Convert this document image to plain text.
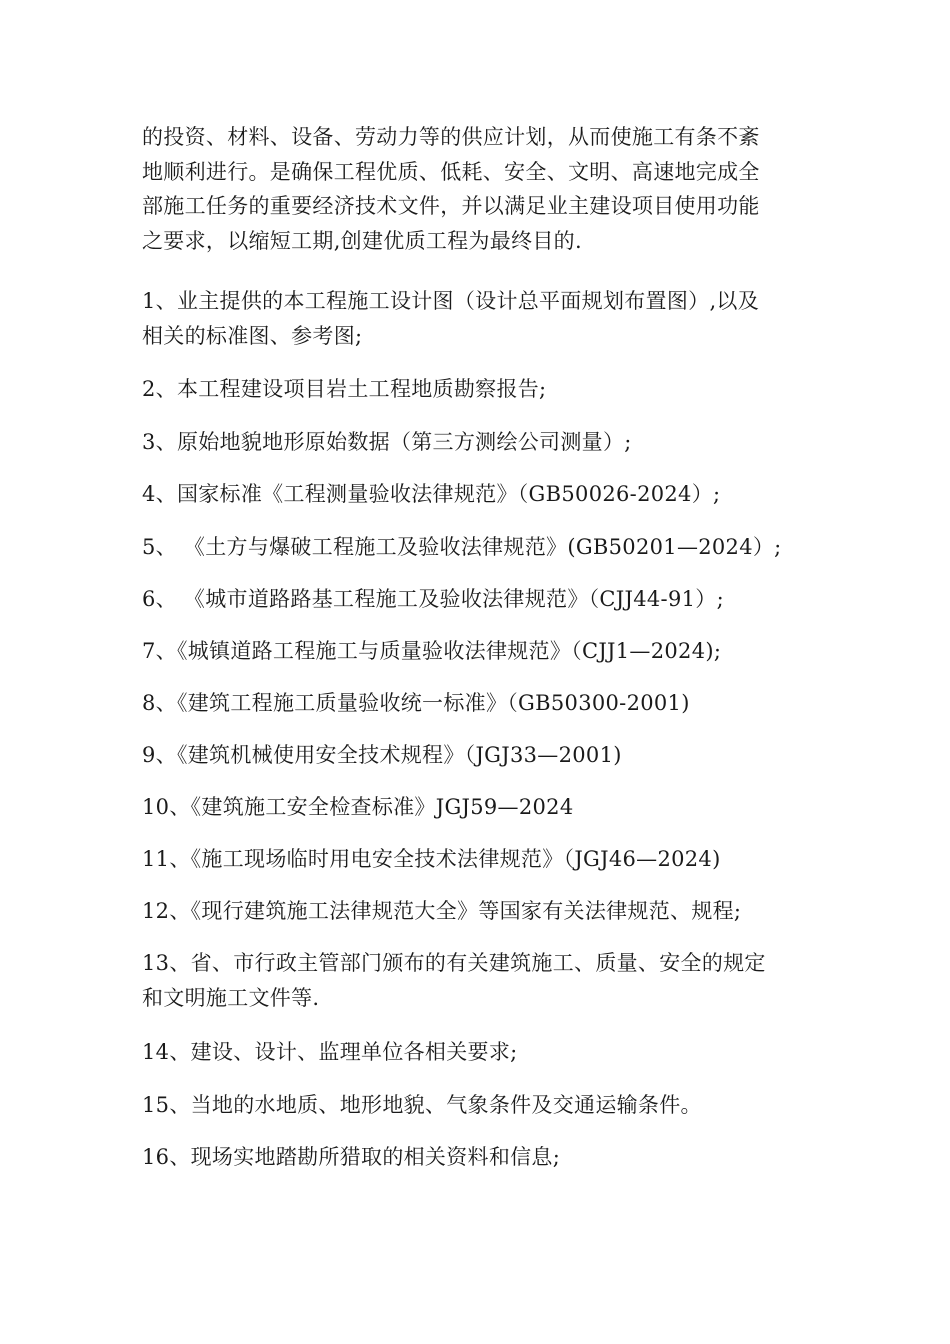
的投资、材料、设备、劳动力等的供应计划，从而使施工有条不紊
地顺利进行。是确保工程优质、低耗、安全、文明、高速地完成全
部施工任务的重要经济技术文件，并以满足业主建设项目使用功能
之要求，以缩短工期,创建优质工程为最终目的.
1、业主提供的本工程施工设计图（设计总平面规划布置图）,以及
相关的标准图、参考图;
2、本工程建设项目岩土工程地质勘察报告;
3、原始地貌地形原始数据（第三方测绘公司测量）;
4、国家标准《工程测量验收法律规范》（GB50026-2024）;
5、 《土方与爆破工程施工及验收法律规范》(GB50201—2024）;
6、 《城市道路路基工程施工及验收法律规范》（CJJ44-91）;
7、《城镇道路工程施工与质量验收法律规范》（CJJ1—2024);
8、《建筑工程施工质量验收统一标准》（GB50300-2001)
9、《建筑机械使用安全技术规程》（JGJ33—2001)
10、《建筑施工安全检查标准》JGJ59—2024
11、《施工现场临时用电安全技术法律规范》（JGJ46—2024)
12、《现行建筑施工法律规范大全》等国家有关法律规范、规程;
13、省、市行政主管部门颁布的有关建筑施工、质量、安全的规定
和文明施工文件等.
14、建设、设计、监理单位各相关要求;
15、当地的水地质、地形地貌、气象条件及交通运输条件。
16、现场实地踏勘所猎取的相关资料和信息;
